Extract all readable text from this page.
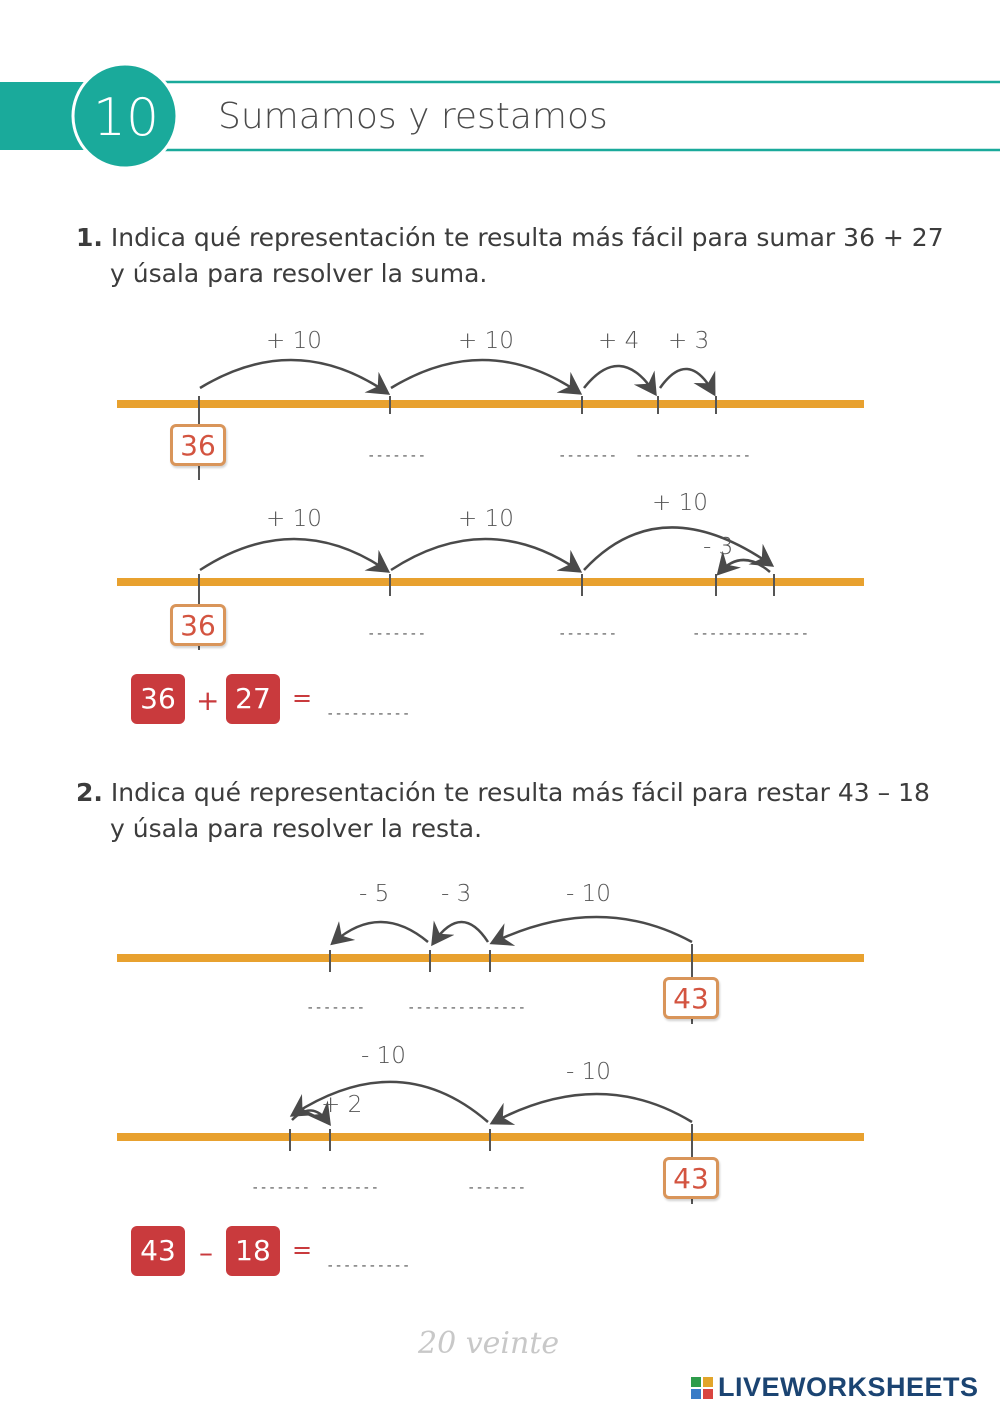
10	Sumamos y restamos
1. Indica qué representación te resulta más fácil para sumar 36 + 27
y úsala para resolver la suma.
+ 10	+ 10	+ 4 + 3
36	-------	------- -------
-------
+ 10	+ 10
+ 10
- 3
36	-------	-------	-------
-------
36 + 27 =
----------
2. Indica qué representación te resulta más fácil para restar 43 – 18
y úsala para resolver la resta.
- 5 - 3	- 10
43
-------	------- -------
- 10
+ 2
- 10
43
------- -------	-------
43 – 18 =
----------
20 veinte
LIVEWORKSHEETS
